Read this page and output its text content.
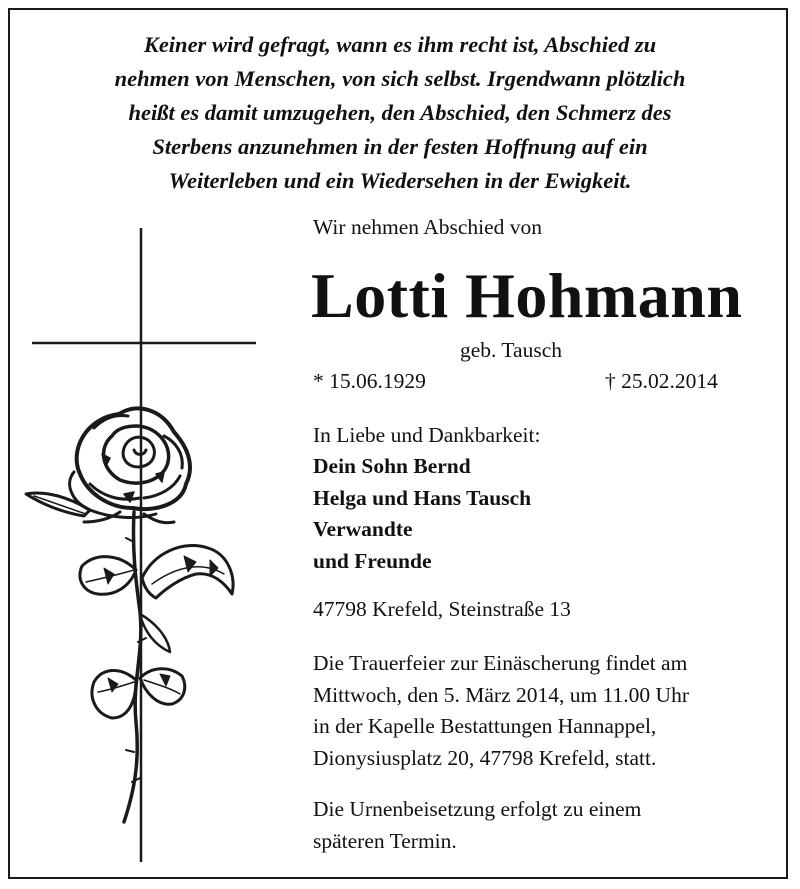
Keiner wird gefragt, wann es ihm recht ist, Abschied zu
nehmen von Menschen, von sich selbst. Irgendwann plötzlich
heißt es damit umzugehen, den Abschied, den Schmerz des
Sterbens anzunehmen in der festen Hoffnung auf ein
Weiterleben und ein Wiedersehen in der Ewigkeit.
Wir nehmen Abschied von
Lotti Hohmann
geb. Tausch
* 15.06.1929	† 25.02.2014
In Liebe und Dankbarkeit:
Dein Sohn Bernd
Helga und Hans Tausch
Verwandte
und Freunde
47798 Krefeld, Steinstraße 13
Die Trauerfeier zur Einäscherung findet am
Mittwoch, den 5. März 2014, um 11.00 Uhr
in der Kapelle Bestattungen Hannappel,
Dionysiusplatz 20, 47798 Krefeld, statt.
Die Urnenbeisetzung erfolgt zu einem
späteren Termin.
